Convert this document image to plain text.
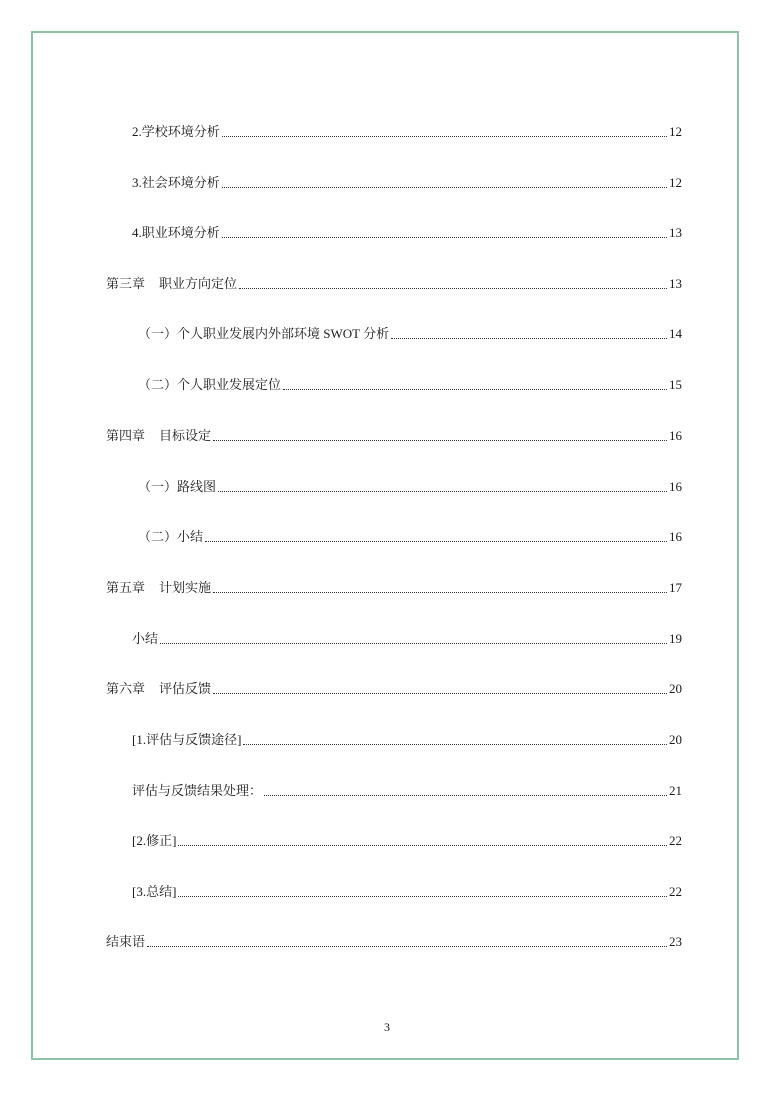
2.学校环境分析	12
3.社会环境分析	12
4.职业环境分析	13
第三章 职业方向定位	13
（一）个人职业发展内外部环境 SWOT 分析	14
（二）个人职业发展定位	15
第四章 目标设定	16
（一）路线图	16
（二）小结	16
第五章 计划实施	17
小结	19
第六章 评估反馈	20
[1.评估与反馈途径]	20
评估与反馈结果处理：	21
[2.修正]	22
[3.总结]	22
结束语	23
3
